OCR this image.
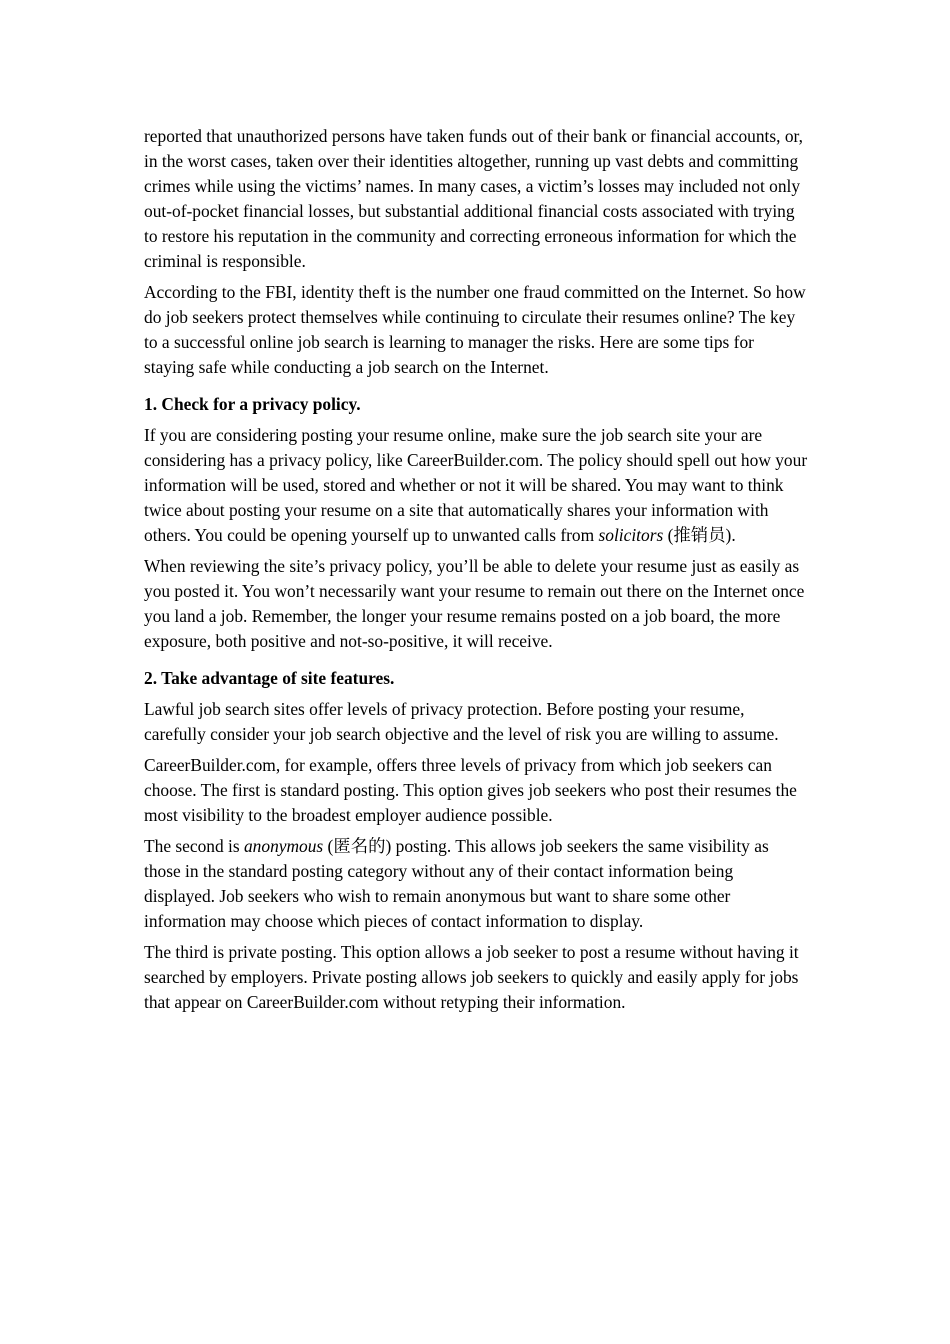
reported that unauthorized persons have taken funds out of their bank or financial accounts, or, in the worst cases, taken over their identities altogether, running up vast debts and committing crimes while using the victims’ names. In many cases, a victim’s losses may included not only out-of-pocket financial losses, but substantial additional financial costs associated with trying to restore his reputation in the community and correcting erroneous information for which the criminal is responsible.

According to the FBI, identity theft is the number one fraud committed on the Internet. So how do job seekers protect themselves while continuing to circulate their resumes online? The key to a successful online job search is learning to manager the risks. Here are some tips for staying safe while conducting a job search on the Internet.

1. Check for a privacy policy.

If you are considering posting your resume online, make sure the job search site your are considering has a privacy policy, like CareerBuilder.com. The policy should spell out how your information will be used, stored and whether or not it will be shared. You may want to think twice about posting your resume on a site that automatically shares your information with others. You could be opening yourself up to unwanted calls from solicitors (推销员).

When reviewing the site’s privacy policy, you’ll be able to delete your resume just as easily as you posted it. You won’t necessarily want your resume to remain out there on the Internet once you land a job. Remember, the longer your resume remains posted on a job board, the more exposure, both positive and not-so-positive, it will receive.

2. Take advantage of site features.

Lawful job search sites offer levels of privacy protection. Before posting your resume, carefully consider your job search objective and the level of risk you are willing to assume.

CareerBuilder.com, for example, offers three levels of privacy from which job seekers can choose. The first is standard posting. This option gives job seekers who post their resumes the most visibility to the broadest employer audience possible.

The second is anonymous (匿名的) posting. This allows job seekers the same visibility as those in the standard posting category without any of their contact information being displayed. Job seekers who wish to remain anonymous but want to share some other information may choose which pieces of contact information to display.

The third is private posting. This option allows a job seeker to post a resume without having it searched by employers. Private posting allows job seekers to quickly and easily apply for jobs that appear on CareerBuilder.com without retyping their information.
